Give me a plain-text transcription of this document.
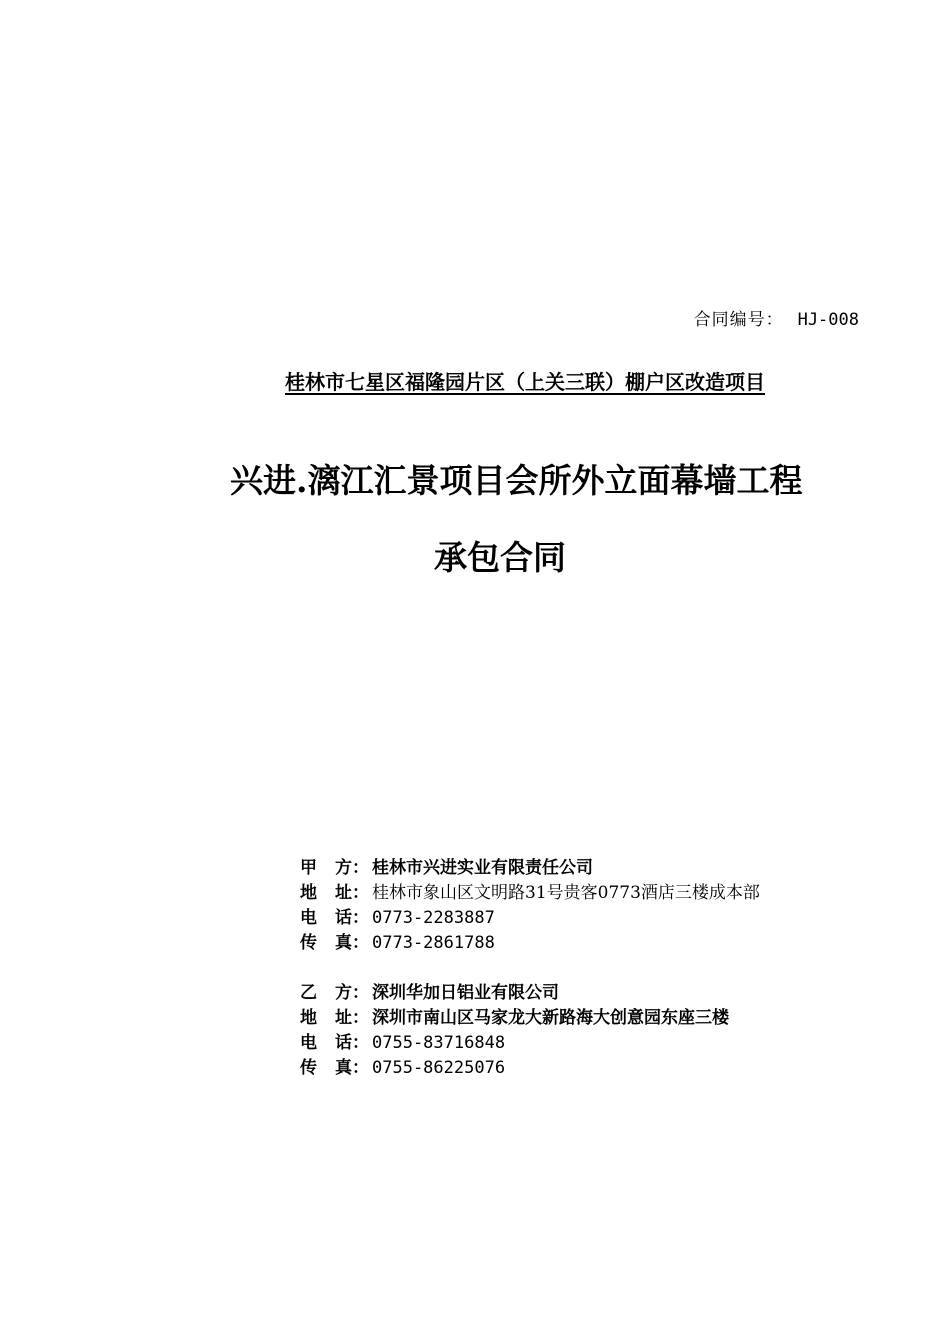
合同编号： HJ-008
桂林市七星区福隆园片区（上关三联）棚户区改造项目
兴进.漓江汇景项目会所外立面幕墙工程
承包合同
甲 方： 桂林市兴进实业有限责任公司
地 址： 桂林市象山区文明路31号贵客0773酒店三楼成本部
电 话： 0773-2283887
传 真： 0773-2861788
乙 方： 深圳华加日铝业有限公司
地 址： 深圳市南山区马家龙大新路海大创意园东座三楼
电 话： 0755-83716848
传 真： 0755-86225076
